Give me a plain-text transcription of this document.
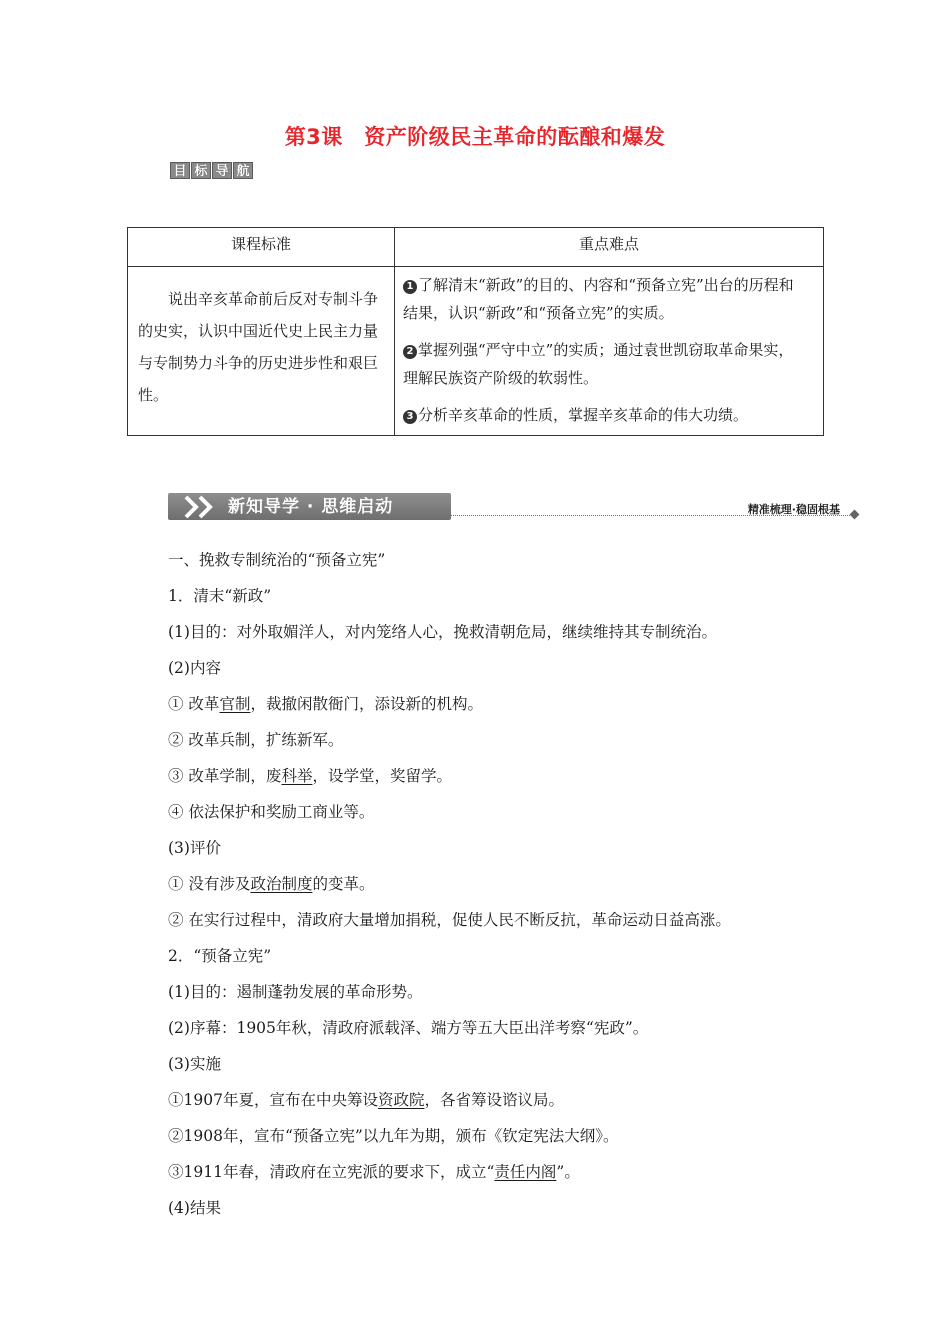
第3课　资产阶级民主革命的酝酿和爆发
目 标 导 航
课程标准	重点难点

说出辛亥革命前后反对专制斗争的史实，认识中国近代史上民主力量与专制势力斗争的历史进步性和艰巨性。	1 了解清末“新政”的目的、内容和“预备立宪”出台的历程和结果，认识“新政”和“预备立宪”的实质。

2 掌握列强“严守中立”的实质；通过袁世凯窃取革命果实，理解民族资产阶级的软弱性。

3 分析辛亥革命的性质，掌握辛亥革命的伟大功绩。

新知导学 · 思维启动	精准梳理·稳固根基
一、挽救专制统治的“预备立宪”
1．清末“新政”
(1)目的：对外取媚洋人，对内笼络人心，挽救清朝危局，继续维持其专制统治。
(2)内容
① 改革官制，裁撤闲散衙门，添设新的机构。
② 改革兵制，扩练新军。
③ 改革学制，废科举，设学堂，奖留学。
④ 依法保护和奖励工商业等。
(3)评价
① 没有涉及政治制度的变革。
② 在实行过程中，清政府大量增加捐税，促使人民不断反抗，革命运动日益高涨。
2．“预备立宪”
(1)目的：遏制蓬勃发展的革命形势。
(2)序幕：1905年秋，清政府派载泽、端方等五大臣出洋考察“宪政”。
(3)实施
①1907年夏，宣布在中央筹设资政院，各省筹设谘议局。
②1908年，宣布“预备立宪”以九年为期，颁布《钦定宪法大纲》。
③1911年春，清政府在立宪派的要求下，成立“责任内阁”。
(4)结果
